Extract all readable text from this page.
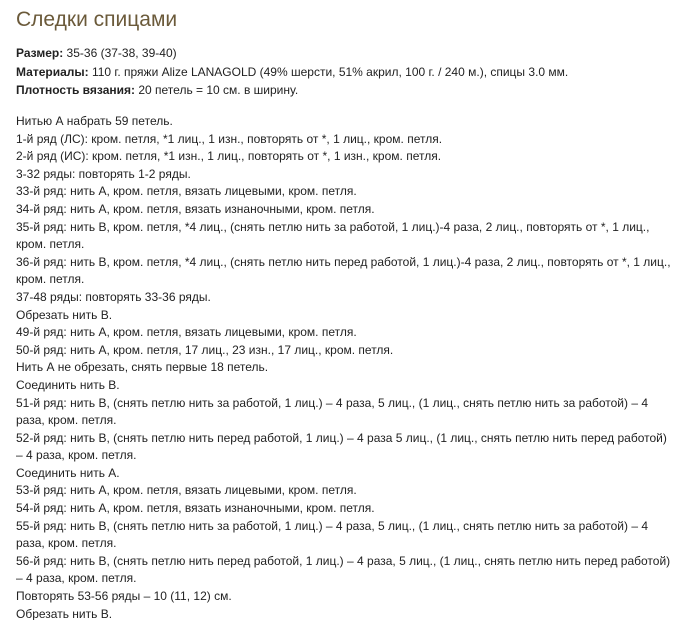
Следки спицами
Размер: 35-36 (37-38, 39-40)
Материалы: 110 г. пряжи Alize LANAGOLD (49% шерсти, 51% акрил, 100 г. / 240 м.), спицы 3.0 мм.
Плотность вязания: 20 петель = 10 см. в ширину.
Нитью А набрать 59 петель.
1-й ряд (ЛС): кром. петля, *1 лиц., 1 изн., повторять от *, 1 лиц., кром. петля.
2-й ряд (ИС): кром. петля, *1 изн., 1 лиц., повторять от *, 1 изн., кром. петля.
3-32 ряды: повторять 1-2 ряды.
33-й ряд: нить А, кром. петля, вязать лицевыми, кром. петля.
34-й ряд: нить А, кром. петля, вязать изнаночными, кром. петля.
35-й ряд: нить В, кром. петля, *4 лиц., (снять петлю нить за работой, 1 лиц.)-4 раза, 2 лиц., повторять от *, 1 лиц., кром. петля.
36-й ряд: нить В, кром. петля, *4 лиц., (снять петлю нить перед работой, 1 лиц.)-4 раза, 2 лиц., повторять от *, 1 лиц., кром. петля.
37-48 ряды: повторять 33-36 ряды.
Обрезать нить В.
49-й ряд: нить А, кром. петля, вязать лицевыми, кром. петля.
50-й ряд: нить А, кром. петля, 17 лиц., 23 изн., 17 лиц., кром. петля.
Нить А не обрезать, снять первые 18 петель.
Соединить нить В.
51-й ряд: нить В, (снять петлю нить за работой, 1 лиц.) – 4 раза, 5 лиц., (1 лиц., снять петлю нить за работой) – 4 раза, кром. петля.
52-й ряд: нить В, (снять петлю нить перед работой, 1 лиц.) – 4 раза 5 лиц., (1 лиц., снять петлю нить перед работой) – 4 раза, кром. петля.
Соединить нить А.
53-й ряд: нить А, кром. петля, вязать лицевыми, кром. петля.
54-й ряд: нить А, кром. петля, вязать изнаночными, кром. петля.
55-й ряд: нить В, (снять петлю нить за работой, 1 лиц.) – 4 раза, 5 лиц., (1 лиц., снять петлю нить за работой) – 4 раза, кром. петля.
56-й ряд: нить В, (снять петлю нить перед работой, 1 лиц.) – 4 раза, 5 лиц., (1 лиц., снять петлю нить перед работой) – 4 раза, кром. петля.
Повторять 53-56 ряды – 10 (11, 12) см.
Обрезать нить В.
